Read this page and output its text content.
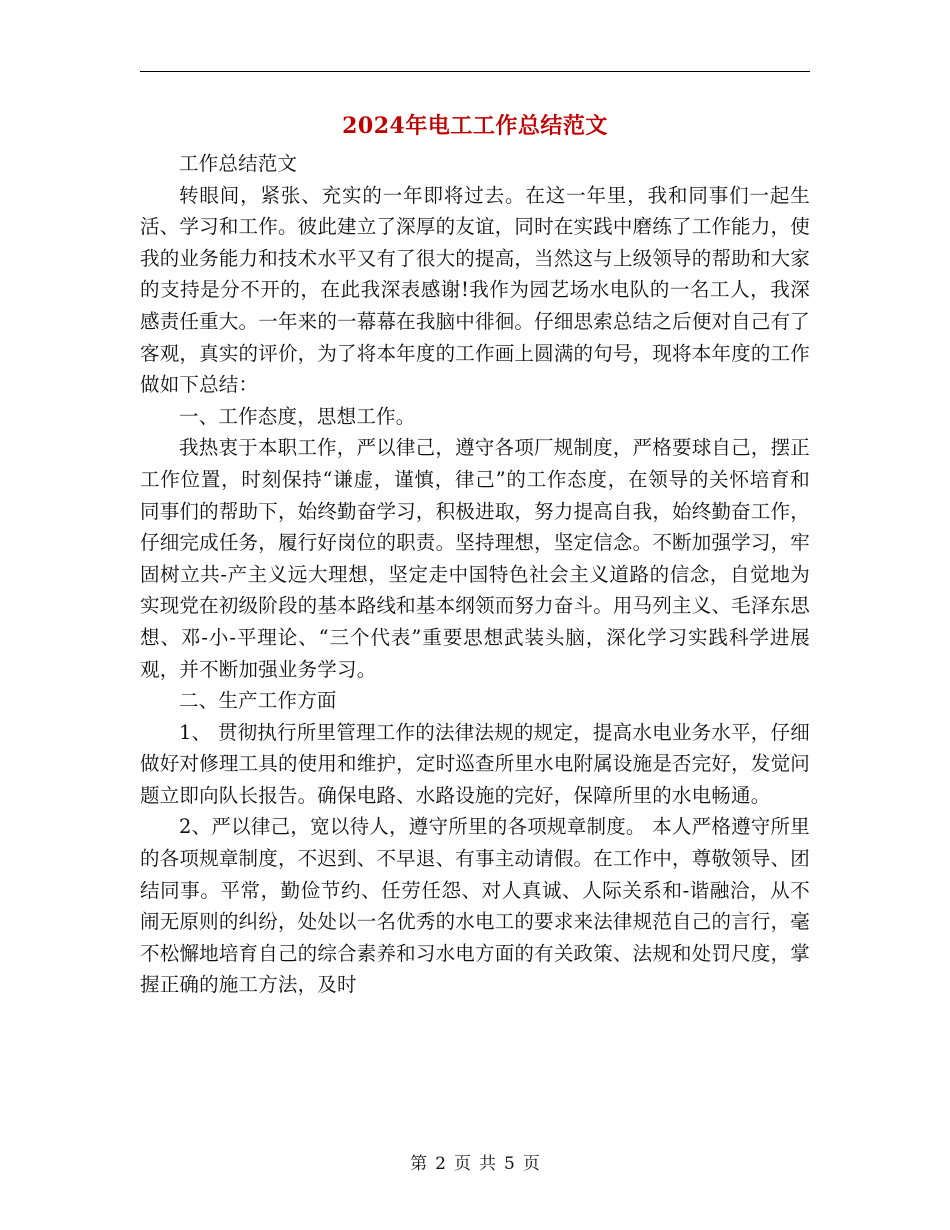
2024年电工工作总结范文

工作总结范文

转眼间，紧张、充实的一年即将过去。在这一年里，我和同事们一起生活、学习和工作。彼此建立了深厚的友谊，同时在实践中磨练了工作能力，使我的业务能力和技术水平又有了很大的提高，当然这与上级领导的帮助和大家的支持是分不开的，在此我深表感谢!我作为园艺场水电队的一名工人，我深感责任重大。一年来的一幕幕在我脑中徘徊。仔细思索总结之后便对自己有了客观，真实的评价，为了将本年度的工作画上圆满的句号，现将本年度的工作做如下总结：

一、工作态度，思想工作。

我热衷于本职工作，严以律己，遵守各项厂规制度，严格要球自己，摆正工作位置，时刻保持“谦虚，谨慎，律己”的工作态度，在领导的关怀培育和同事们的帮助下，始终勤奋学习，积极进取，努力提高自我，始终勤奋工作，仔细完成任务，履行好岗位的职责。坚持理想，坚定信念。不断加强学习，牢固树立共-产主义远大理想，坚定走中国特色社会主义道路的信念，自觉地为实现党在初级阶段的基本路线和基本纲领而努力奋斗。用马列主义、毛泽东思想、邓-小-平理论、“三个代表”重要思想武装头脑，深化学习实践科学进展观，并不断加强业务学习。

二、生产工作方面

1、 贯彻执行所里管理工作的法律法规的规定，提高水电业务水平，仔细做好对修理工具的使用和维护，定时巡查所里水电附属设施是否完好，发觉问题立即向队长报告。确保电路、水路设施的完好，保障所里的水电畅通。

2、严以律己，宽以待人，遵守所里的各项规章制度。 本人严格遵守所里的各项规章制度，不迟到、不早退、有事主动请假。在工作中，尊敬领导、团结同事。平常，勤俭节约、任劳任怨、对人真诚、人际关系和-谐融洽，从不闹无原则的纠纷，处处以一名优秀的水电工的要求来法律规范自己的言行，毫不松懈地培育自己的综合素养和习水电方面的有关政策、法规和处罚尺度，掌握正确的施工方法，及时

第 2 页 共 5 页
